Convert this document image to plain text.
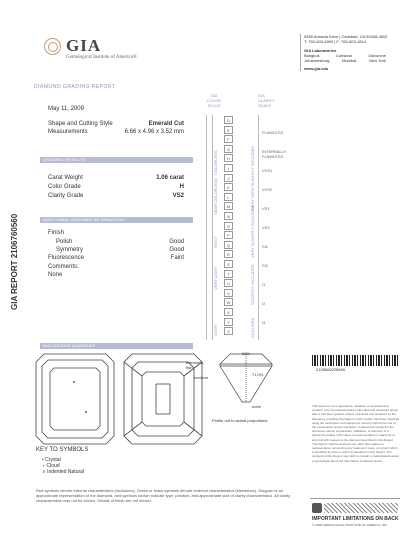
GIA
Gemological Institute of America®
5355 Armada Drive | Carlsbad, CA 92008-4602
T: 760-603-4500 | F: 760-603-1814
GIA Laboratories
Bangkok	Carlsbad	Gaborone
Johannesburg	Mumbai	New York
www.gia.edu
GIA REPORT 2106760560
DIAMOND GRADING REPORT
May 11, 2009
Shape and Cutting Style	Emerald Cut
Measurements	6.66 x 4.96 x 3.52 mm
GRADING RESULTS
Carat Weight	1.06 carat
Color Grade	H
Clarity Grade	VS2
ADDITIONAL GRADING INFORMATION
Finish
Polish	Good
Symmetry	Good
Fluorescence	Faint
Comments:
None
INCLUSIONS DIAGRAMS
GIA
COLOR
SCALE
D
E
F
G
H
I
J
K
L
M
N
O
P
Q
R
S
T
U
V
W
X
Y
Z
COLORLESS
NEAR COLORLESS
FAINT
VERY LIGHT
LIGHT
GIA
CLARITY
SCALE
FLAWLESS
INTERNALLY FLAWLESS
VVS1
VVS2
VS1
VS2
SI1
SI2
I1
I2
I3
VERY VERY SLIGHTLY INCLUDED
VERY SLIGHTLY INCLUDED
SLIGHTLY INCLUDED
INCLUDED
63%
71.0%
extremely
thin
–
medium
none
Profile not to actual proportions
2105606226569
This Report is not a guarantee, valuation or appraisal and contains only the characteristics of the diamond described herein after it has been graded, tested, examined and analyzed by the laboratory providing this Report ("GIA") and/or has been inscribed using the techniques and equipment used by GIA at the time of the examination and/or inscription. A diamond is graded in the document can be a guarantee, validation, or warranty of a diamond's quality. GIA makes no representation or warranty of any kind with respect to the diamond described in this Report. This Report shall be deemed non-valid. GIA makes no representation concerning any treatment, trade, or current which is identified by GIA on which is identified on this Report. The recipient of this Report may wish to consult a credentialed jeweler or gemologist about the information contained herein.
KEY TO SYMBOLS
• Crystal
∘ Cloud
∧ Indented Natural
Red symbols denote internal characteristics (inclusions). Green or black symbols denote external characteristics (blemishes). Diagram is an approximate representation of the diamond, and symbols shown indicate type, position, and approximate size of clarity characteristics. All clarity characteristics may not be shown. Details of finish are not shown.
IMPORTANT LIMITATIONS ON BACK
© 2008 GEMOLOGICAL INSTITUTE OF AMERICA, INC.
